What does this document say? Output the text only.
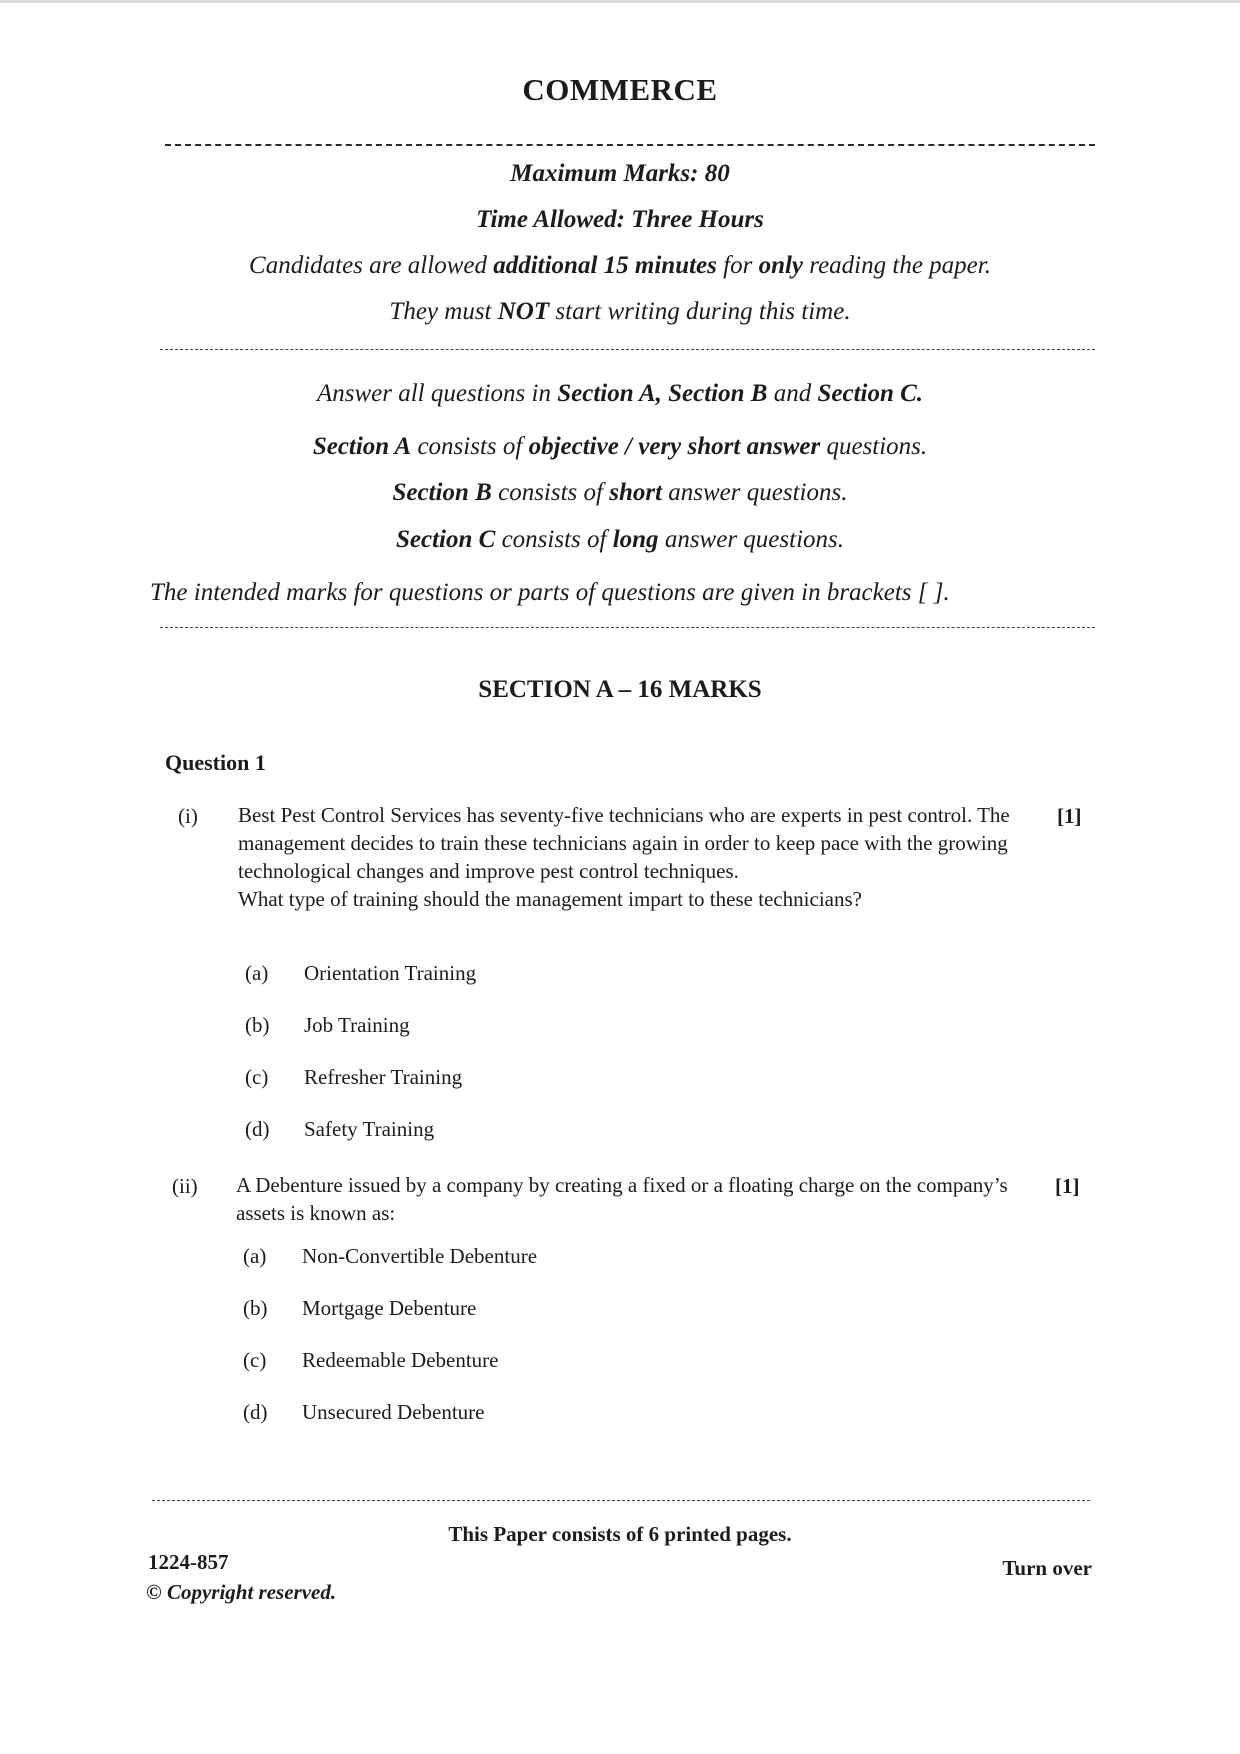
COMMERCE
Maximum Marks: 80
Time Allowed: Three Hours
Candidates are allowed additional 15 minutes for only reading the paper.
They must NOT start writing during this time.
Answer all questions in Section A, Section B and Section C.
Section A consists of objective / very short answer questions.
Section B consists of short answer questions.
Section C consists of long answer questions.
The intended marks for questions or parts of questions are given in brackets [ ].
SECTION A – 16 MARKS
Question 1
(i) Best Pest Control Services has seventy-five technicians who are experts in pest control. The management decides to train these technicians again in order to keep pace with the growing technological changes and improve pest control techniques.
What type of training should the management impart to these technicians?
[1]
(a) Orientation Training
(b) Job Training
(c) Refresher Training
(d) Safety Training
(ii) A Debenture issued by a company by creating a fixed or a floating charge on the company’s assets is known as:
[1]
(a) Non-Convertible Debenture
(b) Mortgage Debenture
(c) Redeemable Debenture
(d) Unsecured Debenture
This Paper consists of 6 printed pages.
1224-857
© Copyright reserved.
Turn over
